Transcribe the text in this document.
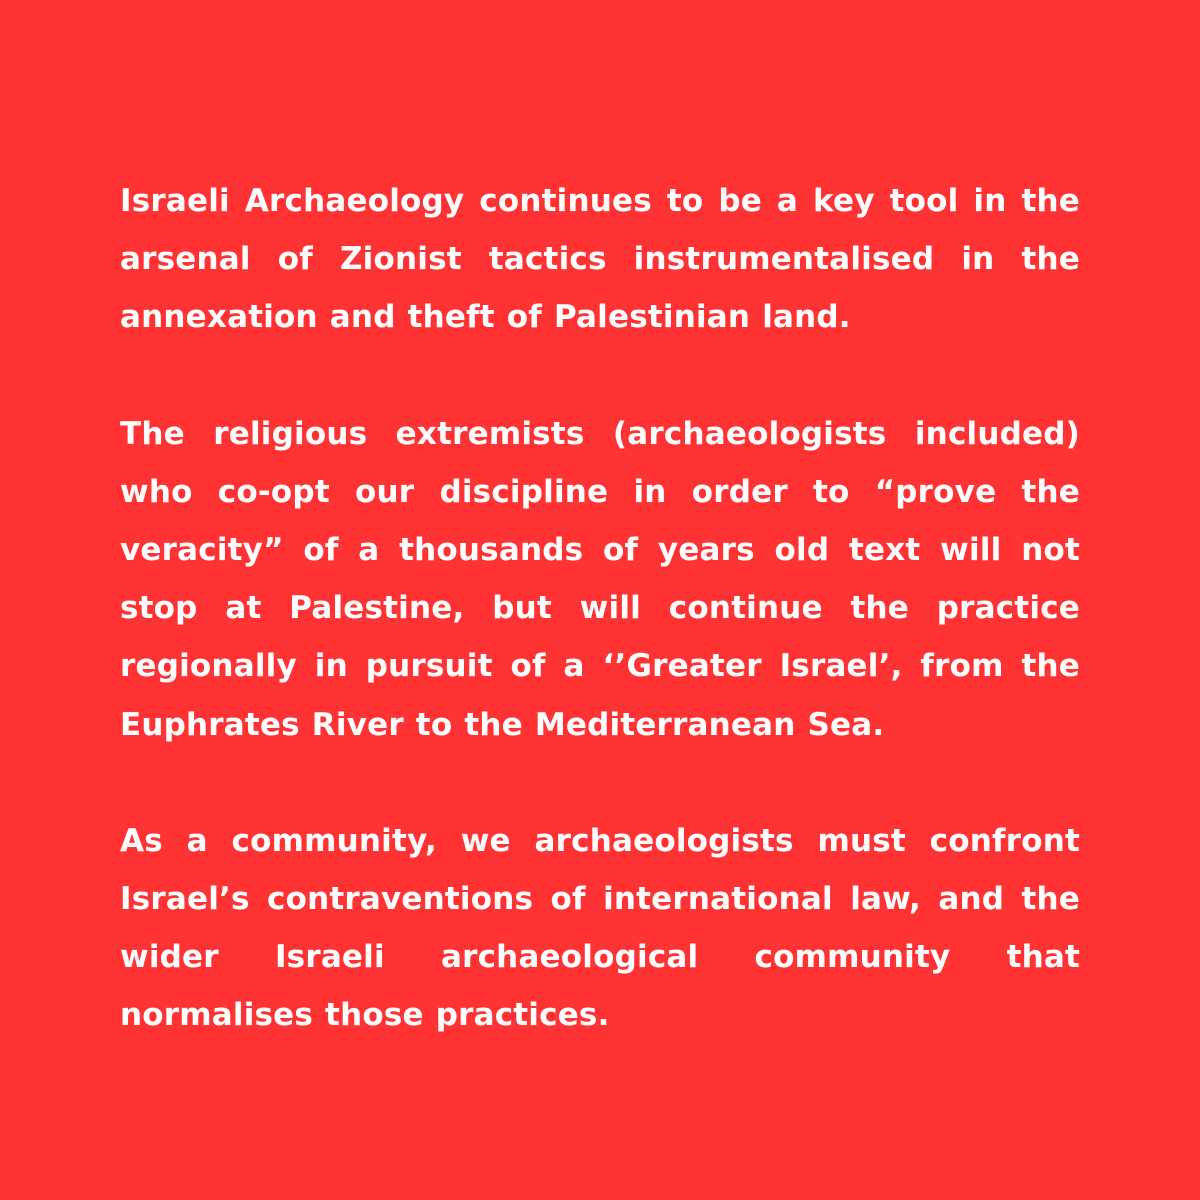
Israeli Archaeology continues to be a key tool in the
arsenal of Zionist tactics instrumentalised in the
annexation and theft of Palestinian land.

The religious extremists (archaeologists included)
who co-opt our discipline in order to “prove the
veracity” of a thousands of years old text will not
stop at Palestine, but will continue the practice
regionally in pursuit of a ‘’Greater Israel’, from the
Euphrates River to the Mediterranean Sea.

As a community, we archaeologists must confront
Israel’s contraventions of international law, and the
wider Israeli archaeological community that
normalises those practices.
